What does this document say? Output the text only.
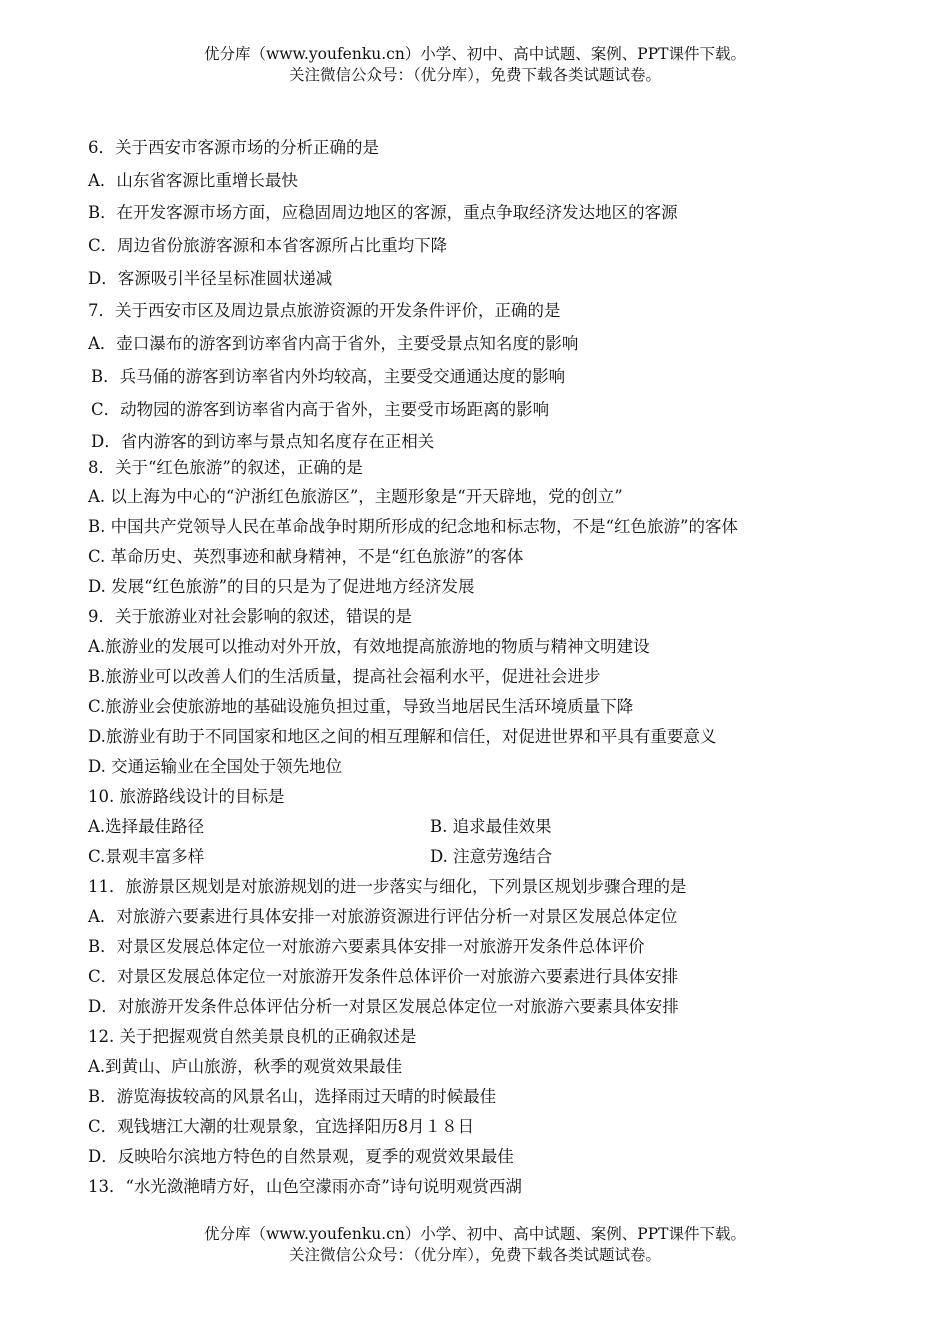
优分库（www.youfenku.cn）小学、初中、高中试题、案例、PPT课件下载。
关注微信公众号：（优分库），免费下载各类试题试卷。
6．关于西安市客源市场的分析正确的是
A．山东省客源比重增长最快
B．在开发客源市场方面，应稳固周边地区的客源，重点争取经济发达地区的客源
C．周边省份旅游客源和本省客源所占比重均下降
D．客源吸引半径呈标准圆状递减
7．关于西安市区及周边景点旅游资源的开发条件评价，正确的是
A．壶口瀑布的游客到访率省内高于省外，主要受景点知名度的影响
B．兵马俑的游客到访率省内外均较高，主要受交通通达度的影响
C．动物园的游客到访率省内高于省外，主要受市场距离的影响
D．省内游客的到访率与景点知名度存在正相关
8．关于“红色旅游”的叙述，正确的是
A. 以上海为中心的“沪浙红色旅游区”，主题形象是“开天辟地，党的创立”
B. 中国共产党领导人民在革命战争时期所形成的纪念地和标志物，不是“红色旅游”的客体
C. 革命历史、英烈事迹和献身精神，不是“红色旅游”的客体
D. 发展“红色旅游”的目的只是为了促进地方经济发展
9．关于旅游业对社会影响的叙述，错误的是
A.旅游业的发展可以推动对外开放，有效地提高旅游地的物质与精神文明建设
B.旅游业可以改善人们的生活质量，提高社会福利水平，促进社会进步
C.旅游业会使旅游地的基础设施负担过重，导致当地居民生活环境质量下降
D.旅游业有助于不同国家和地区之间的相互理解和信任，对促进世界和平具有重要意义
D. 交通运输业在全国处于领先地位
10. 旅游路线设计的目标是
A.选择最佳路径	B. 追求最佳效果
C.景观丰富多样	D. 注意劳逸结合
11．旅游景区规划是对旅游规划的进一步落实与细化，下列景区规划步骤合理的是
A．对旅游六要素进行具体安排一对旅游资源进行评估分析一对景区发展总体定位
B．对景区发展总体定位一对旅游六要素具体安排一对旅游开发条件总体评价
C．对景区发展总体定位一对旅游开发条件总体评价一对旅游六要素进行具体安排
D．对旅游开发条件总体评估分析一对景区发展总体定位一对旅游六要素具体安排
12. 关于把握观赏自然美景良机的正确叙述是
A.到黄山、庐山旅游，秋季的观赏效果最佳
B．游览海拔较高的风景名山，选择雨过天晴的时候最佳
C．观钱塘江大潮的壮观景象，宜选择阳历8月１８日
D．反映哈尔滨地方特色的自然景观，夏季的观赏效果最佳
13．“水光潋滟晴方好，山色空濛雨亦奇”诗句说明观赏西湖
优分库（www.youfenku.cn）小学、初中、高中试题、案例、PPT课件下载。
关注微信公众号：（优分库），免费下载各类试题试卷。
